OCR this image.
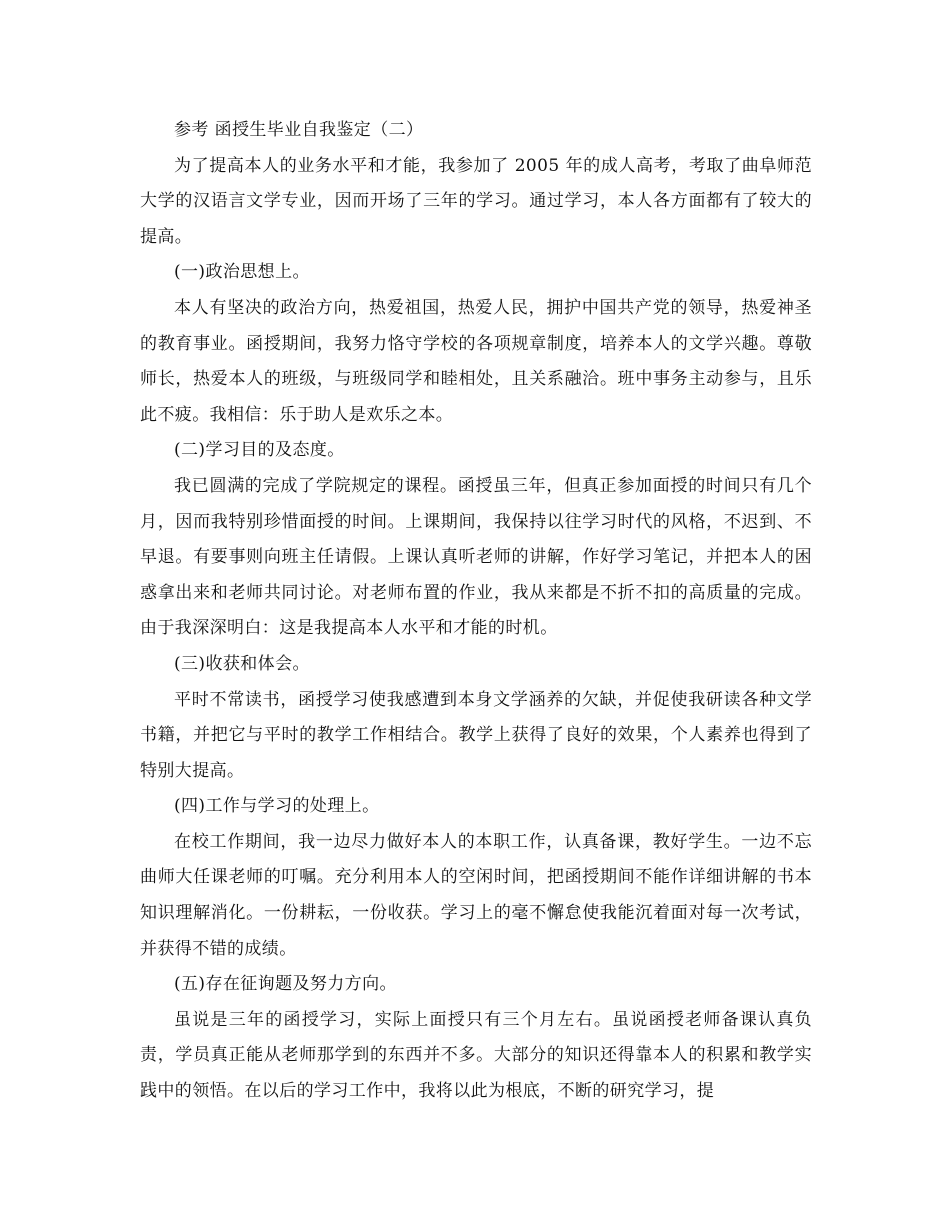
参考 函授生毕业自我鉴定（二）

为了提高本人的业务水平和才能，我参加了 2005 年的成人高考，考取了曲阜师范大学的汉语言文学专业，因而开场了三年的学习。通过学习，本人各方面都有了较大的提高。

(一)政治思想上。

本人有坚决的政治方向，热爱祖国，热爱人民，拥护中国共产党的领导，热爱神圣的教育事业。函授期间，我努力恪守学校的各项规章制度，培养本人的文学兴趣。尊敬师长，热爱本人的班级，与班级同学和睦相处，且关系融洽。班中事务主动参与，且乐此不疲。我相信：乐于助人是欢乐之本。

(二)学习目的及态度。

我已圆满的完成了学院规定的课程。函授虽三年，但真正参加面授的时间只有几个月，因而我特别珍惜面授的时间。上课期间，我保持以往学习时代的风格，不迟到、不早退。有要事则向班主任请假。上课认真听老师的讲解，作好学习笔记，并把本人的困惑拿出来和老师共同讨论。对老师布置的作业，我从来都是不折不扣的高质量的完成。由于我深深明白：这是我提高本人水平和才能的时机。

(三)收获和体会。

平时不常读书，函授学习使我感遭到本身文学涵养的欠缺，并促使我研读各种文学书籍，并把它与平时的教学工作相结合。教学上获得了良好的效果，个人素养也得到了特别大提高。

(四)工作与学习的处理上。

在校工作期间，我一边尽力做好本人的本职工作，认真备课，教好学生。一边不忘曲师大任课老师的叮嘱。充分利用本人的空闲时间，把函授期间不能作详细讲解的书本知识理解消化。一份耕耘，一份收获。学习上的毫不懈怠使我能沉着面对每一次考试，并获得不错的成绩。

(五)存在征询题及努力方向。

虽说是三年的函授学习，实际上面授只有三个月左右。虽说函授老师备课认真负责，学员真正能从老师那学到的东西并不多。大部分的知识还得靠本人的积累和教学实践中的领悟。在以后的学习工作中，我将以此为根底，不断的研究学习，提
